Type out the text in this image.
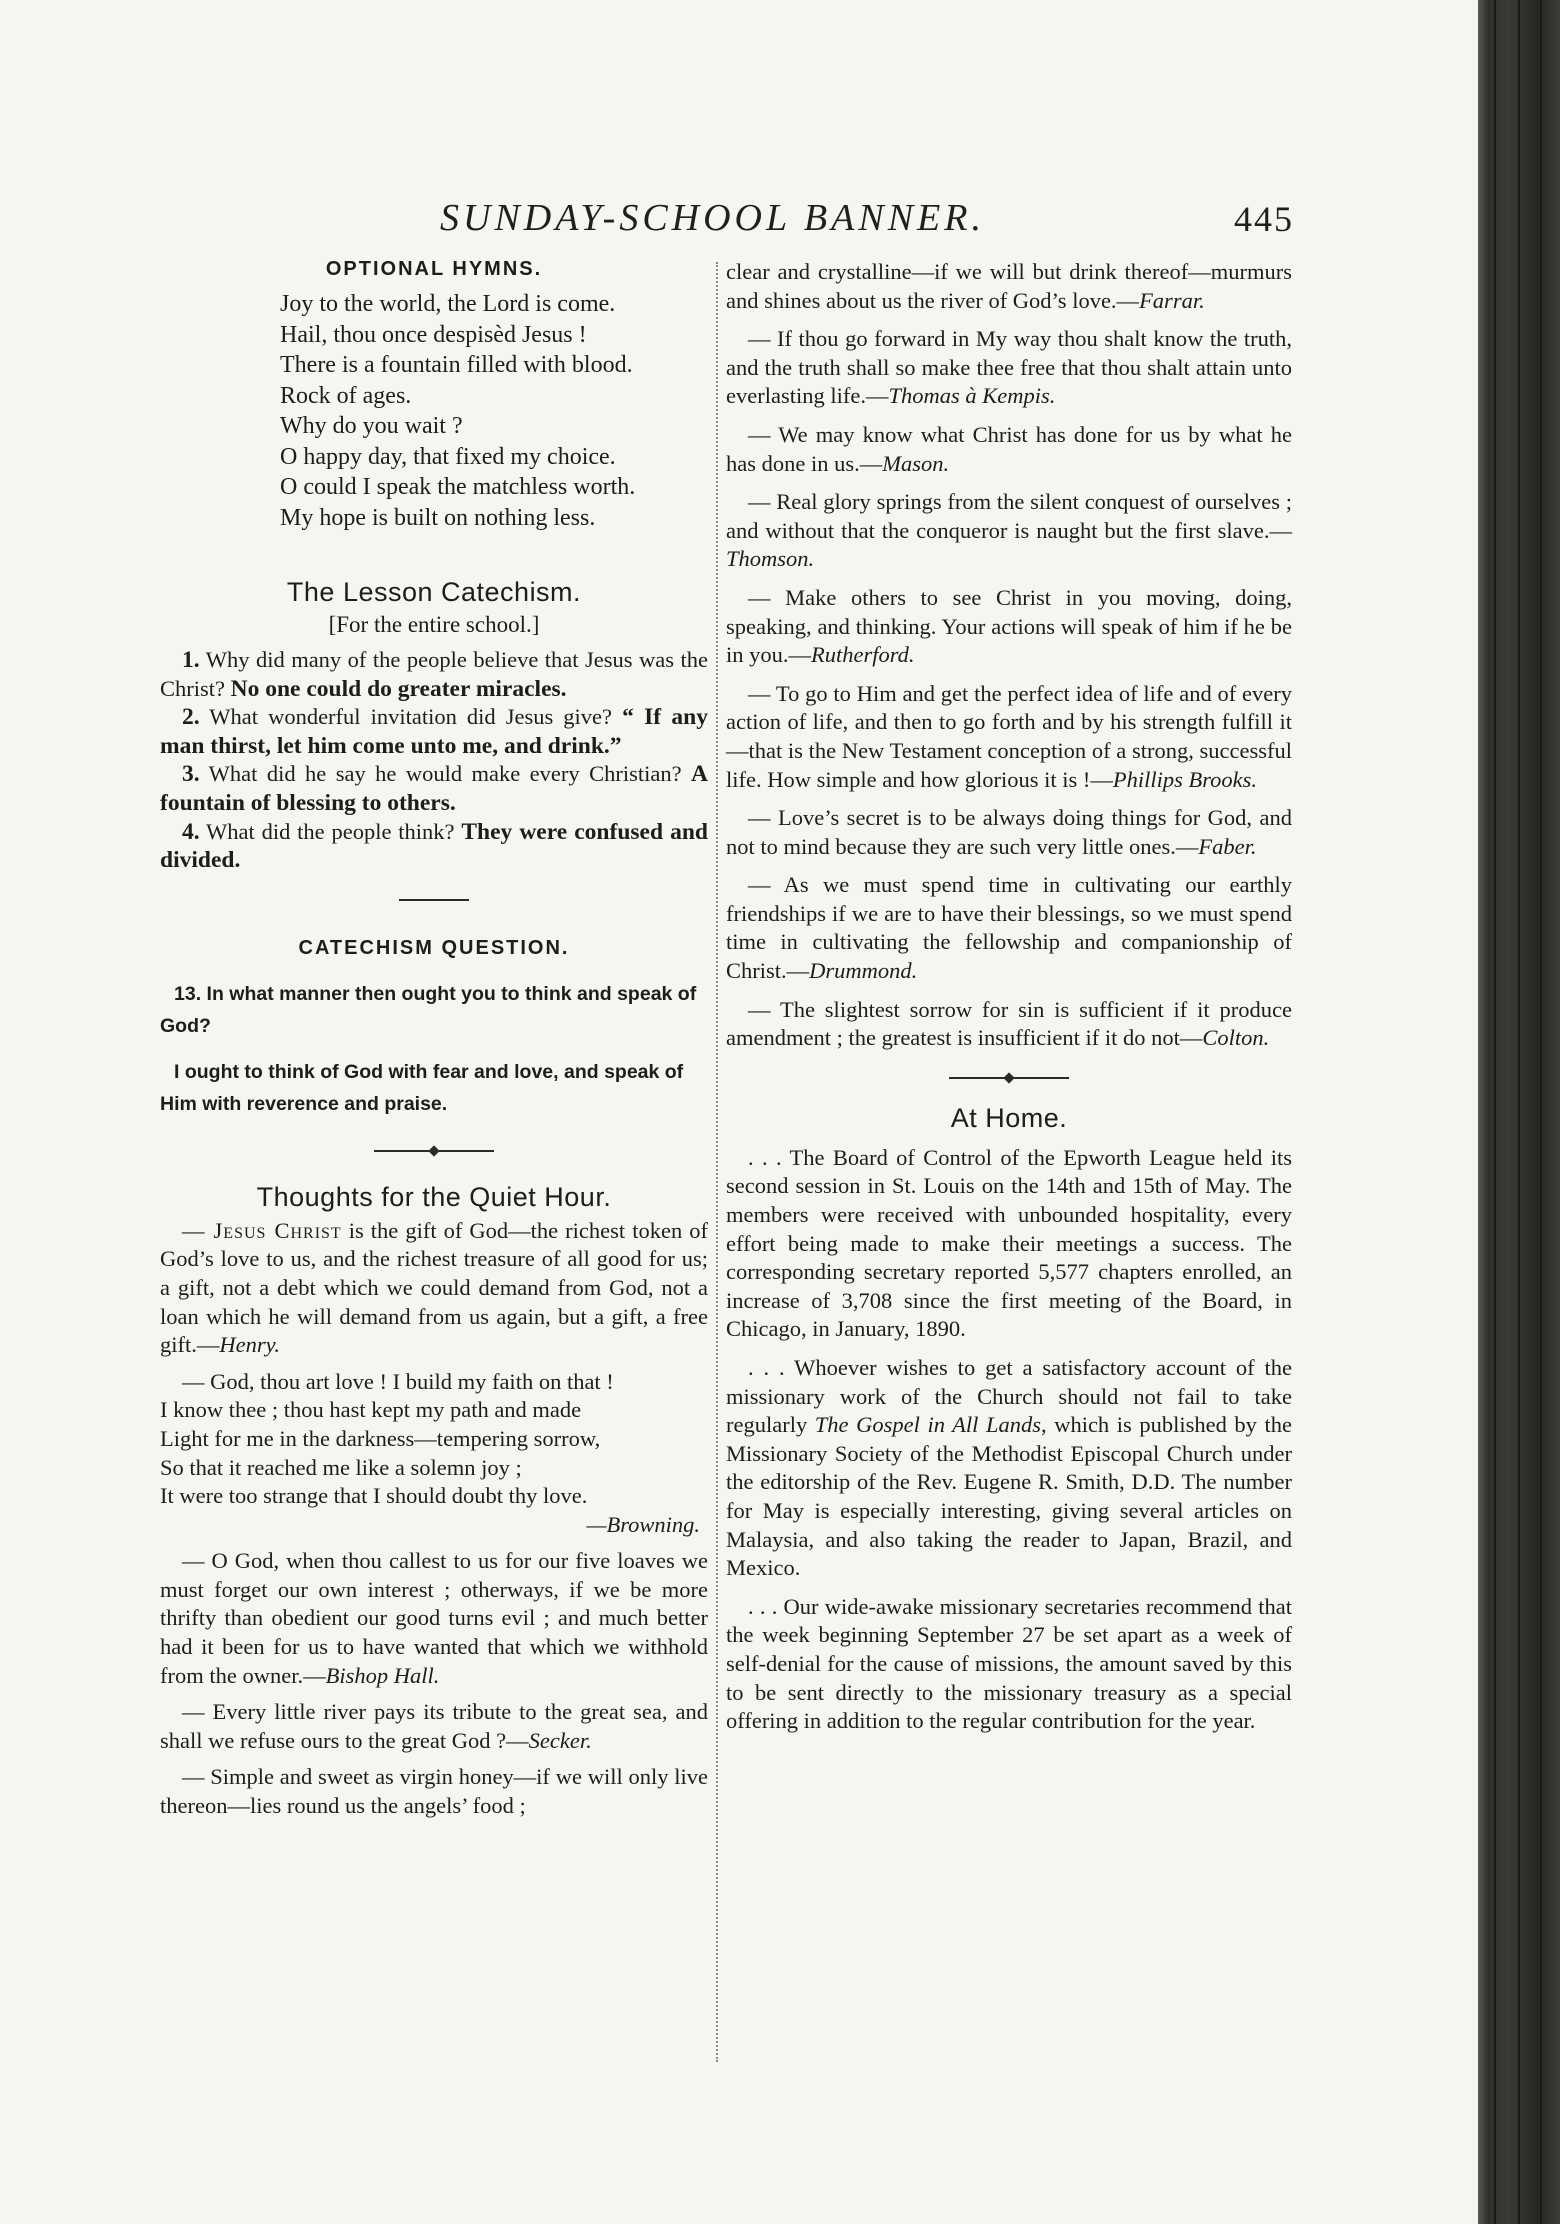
SUNDAY-SCHOOL BANNER.	445
OPTIONAL HYMNS.
Joy to the world, the Lord is come.
Hail, thou once despisèd Jesus !
There is a fountain filled with blood.
Rock of ages.
Why do you wait ?
O happy day, that fixed my choice.
O could I speak the matchless worth.
My hope is built on nothing less.
The Lesson Catechism.
[For the entire school.]

1. Why did many of the people believe that Jesus was the Christ? No one could do greater miracles.

2. What wonderful invitation did Jesus give? “ If any man thirst, let him come unto me, and drink.”

3. What did he say he would make every Christian? A fountain of blessing to others.

4. What did the people think? They were confused and divided.

CATECHISM QUESTION.

13. In what manner then ought you to think and speak of God?

I ought to think of God with fear and love, and speak of Him with reverence and praise.

Thoughts for the Quiet Hour.

— Jesus Christ is the gift of God—the richest token of God’s love to us, and the richest treasure of all good for us; a gift, not a debt which we could demand from God, not a loan which he will demand from us again, but a gift, a free gift.—Henry.

— God, thou art love ! I build my faith on that !

I know thee ; thou hast kept my path and made

Light for me in the darkness—tempering sorrow,

So that it reached me like a solemn joy ;

It were too strange that I should doubt thy love.

—Browning.

— O God, when thou callest to us for our five loaves we must forget our own interest ; otherways, if we be more thrifty than obedient our good turns evil ; and much better had it been for us to have wanted that which we withhold from the owner.—Bishop Hall.

— Every little river pays its tribute to the great sea, and shall we refuse ours to the great God ?—Secker.

— Simple and sweet as virgin honey—if we will only live thereon—lies round us the angels’ food ;

clear and crystalline—if we will but drink thereof—murmurs and shines about us the river of God’s love.—Farrar.

— If thou go forward in My way thou shalt know the truth, and the truth shall so make thee free that thou shalt attain unto everlasting life.—Thomas à Kempis.

— We may know what Christ has done for us by what he has done in us.—Mason.

— Real glory springs from the silent conquest of ourselves ; and without that the conqueror is naught but the first slave.—Thomson.

— Make others to see Christ in you moving, doing, speaking, and thinking. Your actions will speak of him if he be in you.—Rutherford.

— To go to Him and get the perfect idea of life and of every action of life, and then to go forth and by his strength fulfill it—that is the New Testament conception of a strong, successful life. How simple and how glorious it is !—Phillips Brooks.

— Love’s secret is to be always doing things for God, and not to mind because they are such very little ones.—Faber.

— As we must spend time in cultivating our earthly friendships if we are to have their blessings, so we must spend time in cultivating the fellowship and companionship of Christ.—Drummond.

— The slightest sorrow for sin is sufficient if it produce amendment ; the greatest is insufficient if it do not—Colton.

At Home.

. . . The Board of Control of the Epworth League held its second session in St. Louis on the 14th and 15th of May. The members were received with unbounded hospitality, every effort being made to make their meetings a success. The corresponding secretary reported 5,577 chapters enrolled, an increase of 3,708 since the first meeting of the Board, in Chicago, in January, 1890.

. . . Whoever wishes to get a satisfactory account of the missionary work of the Church should not fail to take regularly The Gospel in All Lands, which is published by the Missionary Society of the Methodist Episcopal Church under the editorship of the Rev. Eugene R. Smith, D.D. The number for May is especially interesting, giving several articles on Malaysia, and also taking the reader to Japan, Brazil, and Mexico.

. . . Our wide-awake missionary secretaries recommend that the week beginning September 27 be set apart as a week of self-denial for the cause of missions, the amount saved by this to be sent directly to the missionary treasury as a special offering in addition to the regular contribution for the year.
